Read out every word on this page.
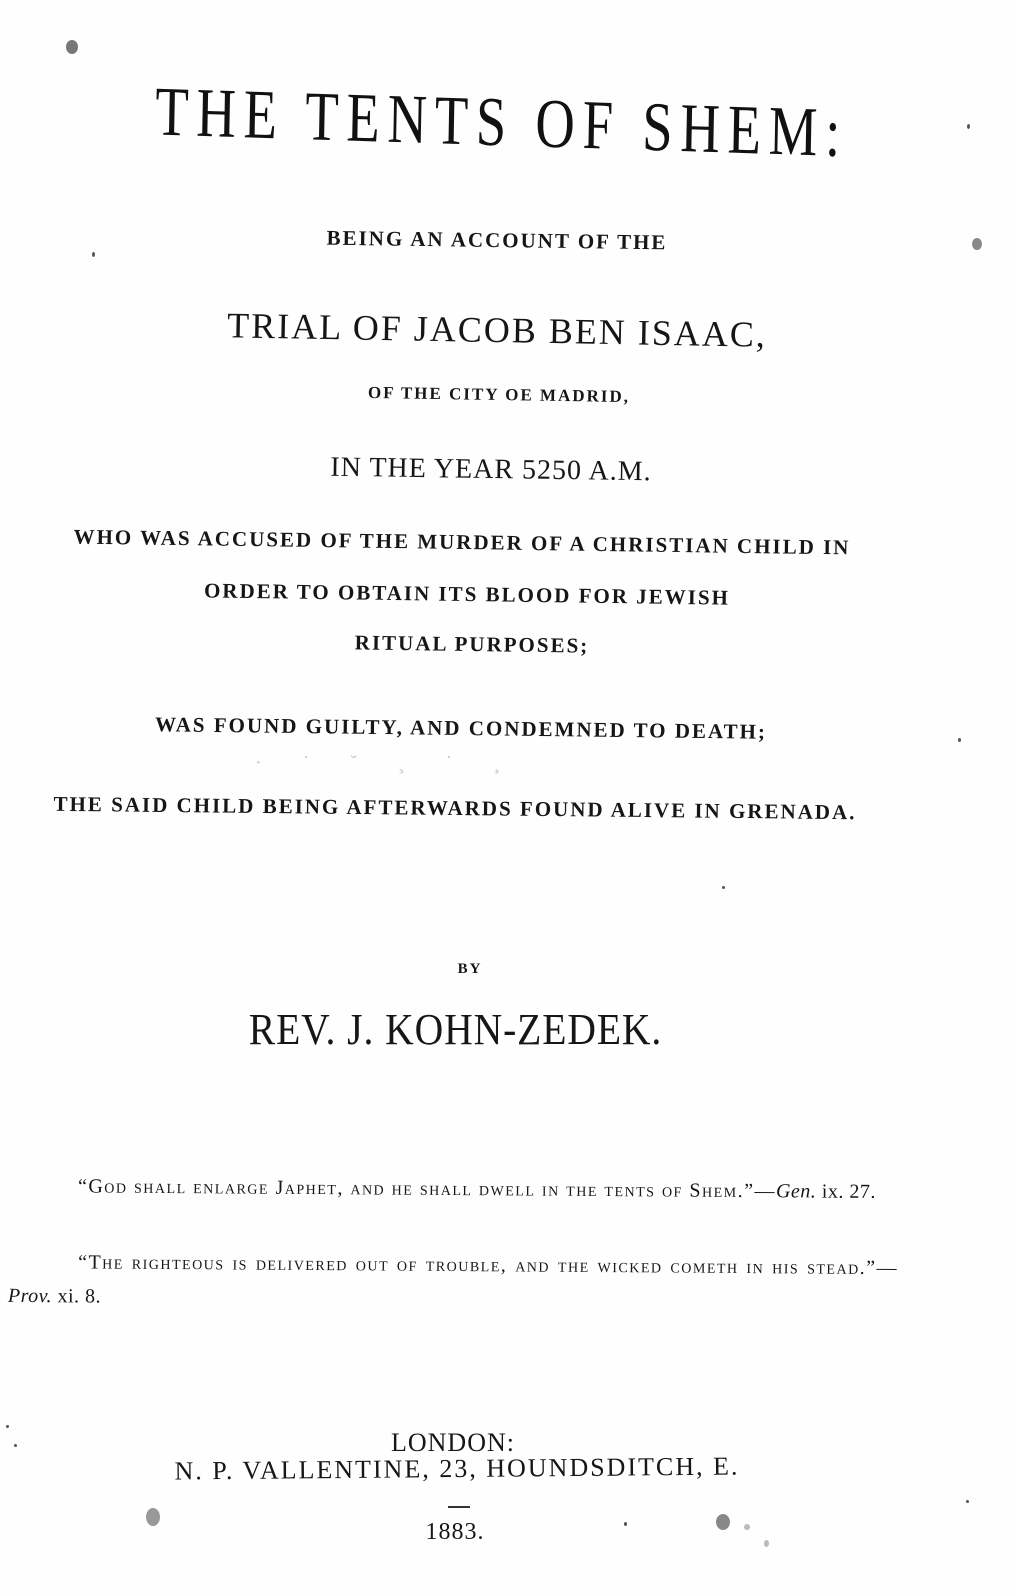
THE TENTS OF SHEM:
BEING AN ACCOUNT OF THE
TRIAL OF JACOB BEN ISAAC,
OF THE CITY OE MADRID,
IN THE YEAR 5250 A.M.
WHO WAS ACCUSED OF THE MURDER OF A CHRISTIAN CHILD IN
ORDER TO OBTAIN ITS BLOOD FOR JEWISH
RITUAL PURPOSES;
WAS FOUND GUILTY, AND CONDEMNED TO DEATH;
· ˙ ˘ ¸ ˙ ¸
THE SAID CHILD BEING AFTERWARDS FOUND ALIVE IN GRENADA.
BY
REV. J. KOHN-ZEDEK.
“God shall enlarge Japhet, and he shall dwell in the tents of Shem.”—Gen. ix. 27.
“The righteous is delivered out of trouble, and the wicked cometh in his stead.”—Prov. xi. 8.
LONDON:
N. P. VALLENTINE, 23, HOUNDSDITCH, E.
1883.
